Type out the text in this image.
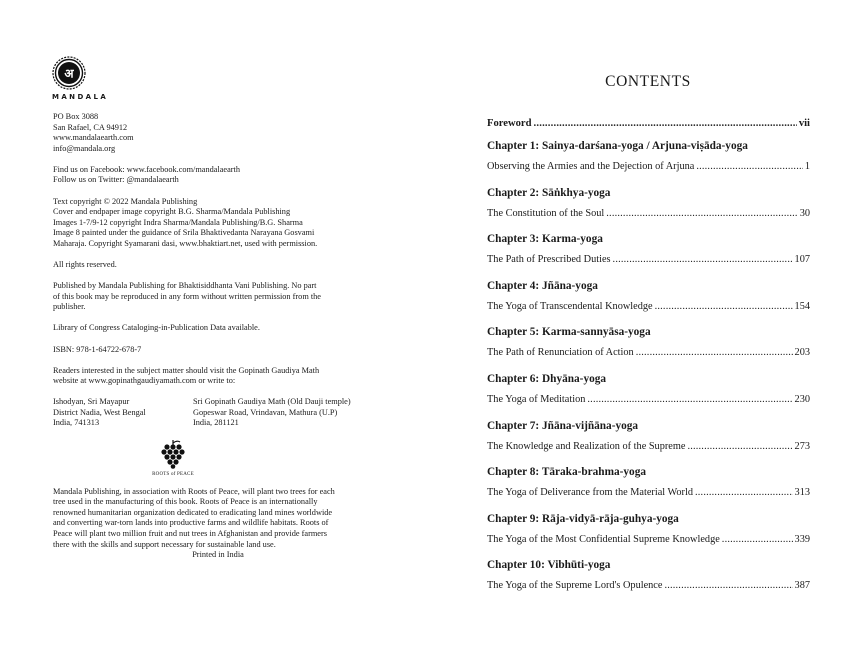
अ
MANDALA

PO Box 3088

San Rafael, CA 94912

www.mandalaearth.com

info@mandala.org

Find us on Facebook: www.facebook.com/mandalaearth

Follow us on Twitter: @mandalaearth

Text copyright © 2022 Mandala Publishing

Cover and endpaper image copyright B.G. Sharma/Mandala Publishing

Images 1-7/9-12 copyright Indra Sharma/Mandala Publishing/B.G. Sharma

Image 8 painted under the guidance of Srila Bhaktivedanta Narayana Gosvami

Maharaja. Copyright Syamarani dasi, www.bhaktiart.net, used with permission.

All rights reserved.

Published by Mandala Publishing for Bhaktisiddhanta Vani Publishing. No part

of this book may be reproduced in any form without written permission from the

publisher.

Library of Congress Cataloging-in-Publication Data available.

ISBN: 978-1-64722-678-7

Readers interested in the subject matter should visit the Gopinath Gaudiya Math

website at www.gopinathgaudiyamath.com or write to:

Ishodyan, Sri Mayapur

District Nadia, West Bengal

India, 741313

Sri Gopinath Gaudiya Math (Old Dauji temple)

Gopeswar Road, Vrindavan, Mathura (U.P)

India, 281121

ROOTS of PEACE

Mandala Publishing, in association with Roots of Peace, will plant two trees for each

tree used in the manufacturing of this book. Roots of Peace is an internationally

renowned humanitarian organization dedicated to eradicating land mines worldwide

and converting war-torn lands into productive farms and wildlife habitats. Roots of

Peace will plant two million fruit and nut trees in Afghanistan and provide farmers

there with the skills and support necessary for sustainable land use.

Printed in India

CONTENTS
Foreword .....	vii
Chapter 1: Sainya-darśana-yoga / Arjuna-viṣāda-yoga
Observing the Armies and the Dejection of Arjuna .....	1
Chapter 2: Sāṅkhya-yoga
The Constitution of the Soul .....	30
Chapter 3: Karma-yoga
The Path of Prescribed Duties .....	107
Chapter 4: Jñāna-yoga
The Yoga of Transcendental Knowledge .....	154
Chapter 5: Karma-sannyāsa-yoga
The Path of Renunciation of Action .....	203
Chapter 6: Dhyāna-yoga
The Yoga of Meditation .....	230
Chapter 7: Jñāna-vijñāna-yoga
The Knowledge and Realization of the Supreme .....	273
Chapter 8: Tāraka-brahma-yoga
The Yoga of Deliverance from the Material World .....	313
Chapter 9: Rāja-vidyā-rāja-guhya-yoga
The Yoga of the Most Confidential Supreme Knowledge .....	339
Chapter 10: Vibhūti-yoga
The Yoga of the Supreme Lord's Opulence .....	387
